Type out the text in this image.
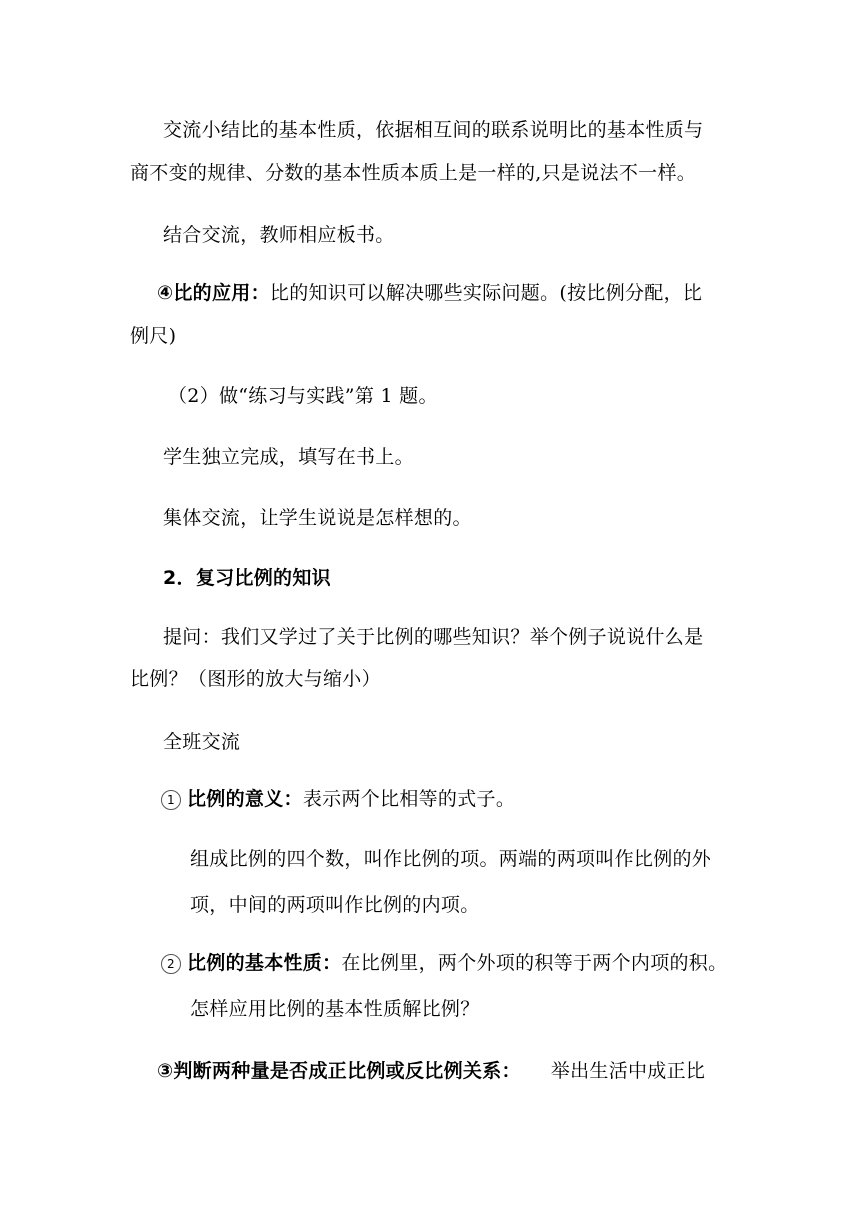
交流小结比的基本性质，依据相互间的联系说明比的基本性质与
商不变的规律、分数的基本性质本质上是一样的,只是说法不一样。
结合交流，教师相应板书。
④比的应用：比的知识可以解决哪些实际问题。(按比例分配，比
例尺)
（2）做“练习与实践”第 1 题。
学生独立完成，填写在书上。
集体交流，让学生说说是怎样想的。
2．复习比例的知识
提问：我们又学过了关于比例的哪些知识？举个例子说说什么是
比例？（图形的放大与缩小）
全班交流
1 比例的意义：表示两个比相等的式子。
组成比例的四个数，叫作比例的项。两端的两项叫作比例的外
项，中间的两项叫作比例的内项。
2 比例的基本性质：在比例里，两个外项的积等于两个内项的积。
怎样应用比例的基本性质解比例？
③判断两种量是否成正比例或反比例关系： 举出生活中成正比
